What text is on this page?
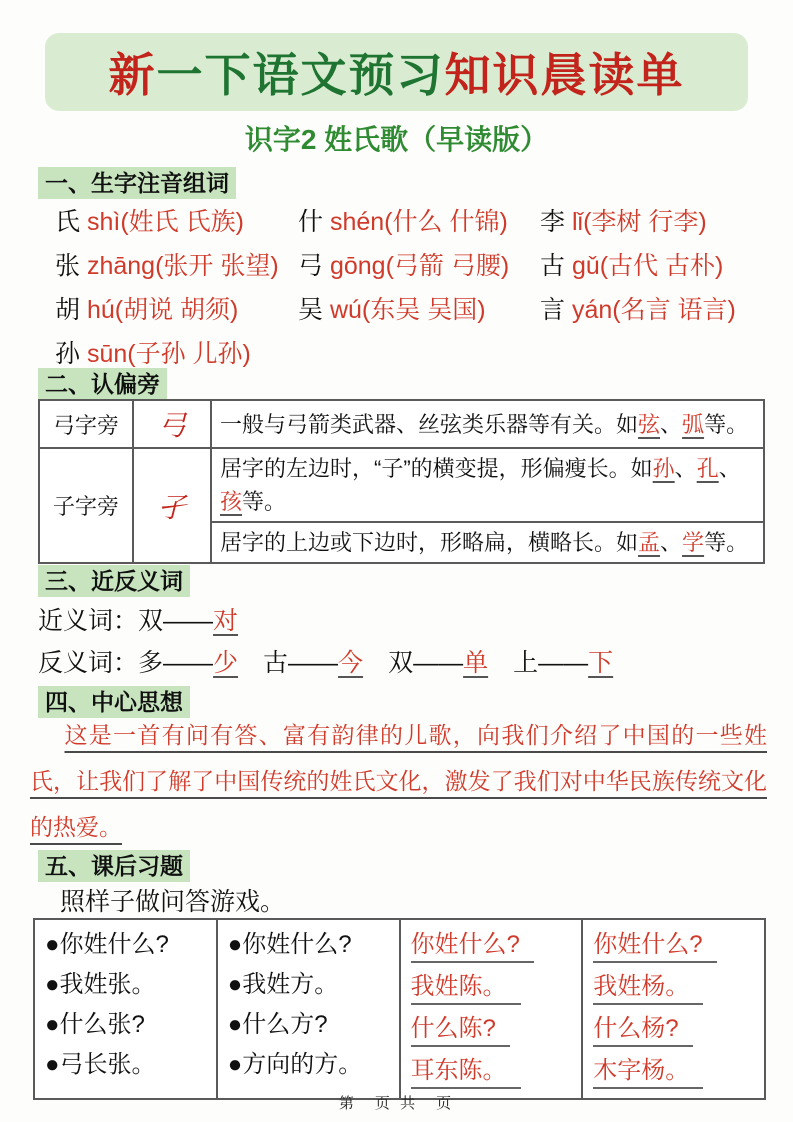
新一下语文预习知识晨读单
识字2 姓氏歌（早读版）
一、生字注音组词
氏 shì(姓氏 氏族)	什 shén(什么 什锦)	李 lǐ(李树 行李)
张 zhāng(张开 张望) 弓 gōng(弓箭 弓腰)	古 gǔ(古代 古朴)
胡 hú(胡说 胡须)	吴 wú(东吴 吴国)	言 yán(名言 语言)
孙 sūn(子孙 儿孙)
二、认偏旁
弓字旁	弓	一般与弓箭类武器、丝弦类乐器等有关。如弦、弧等。
子字旁	孑	居字的左边时，“子”的横变提，形偏瘦长。如孙、孔、孩等。
		居字的上边或下边时，形略扁，横略长。如孟、学等。
三、近反义词
近义词：双——对
反义词：多——少　古——今　双——单　上——下
四、中心思想

这是一首有问有答、富有韵律的儿歌，向我们介绍了中国的一些姓氏，让我们了解了中国传统的姓氏文化，激发了我们对中华民族传统文化的热爱。

五、课后习题
照样子做问答游戏。
●你姓什么?
●我姓张。
●什么张?
●弓长张。

●你姓什么?
●我姓方。
●什么方?
●方向的方。

你姓什么?
我姓陈。
什么陈?
耳东陈。

你姓什么?
我姓杨。
什么杨?
木字杨。
第　页 共　页
